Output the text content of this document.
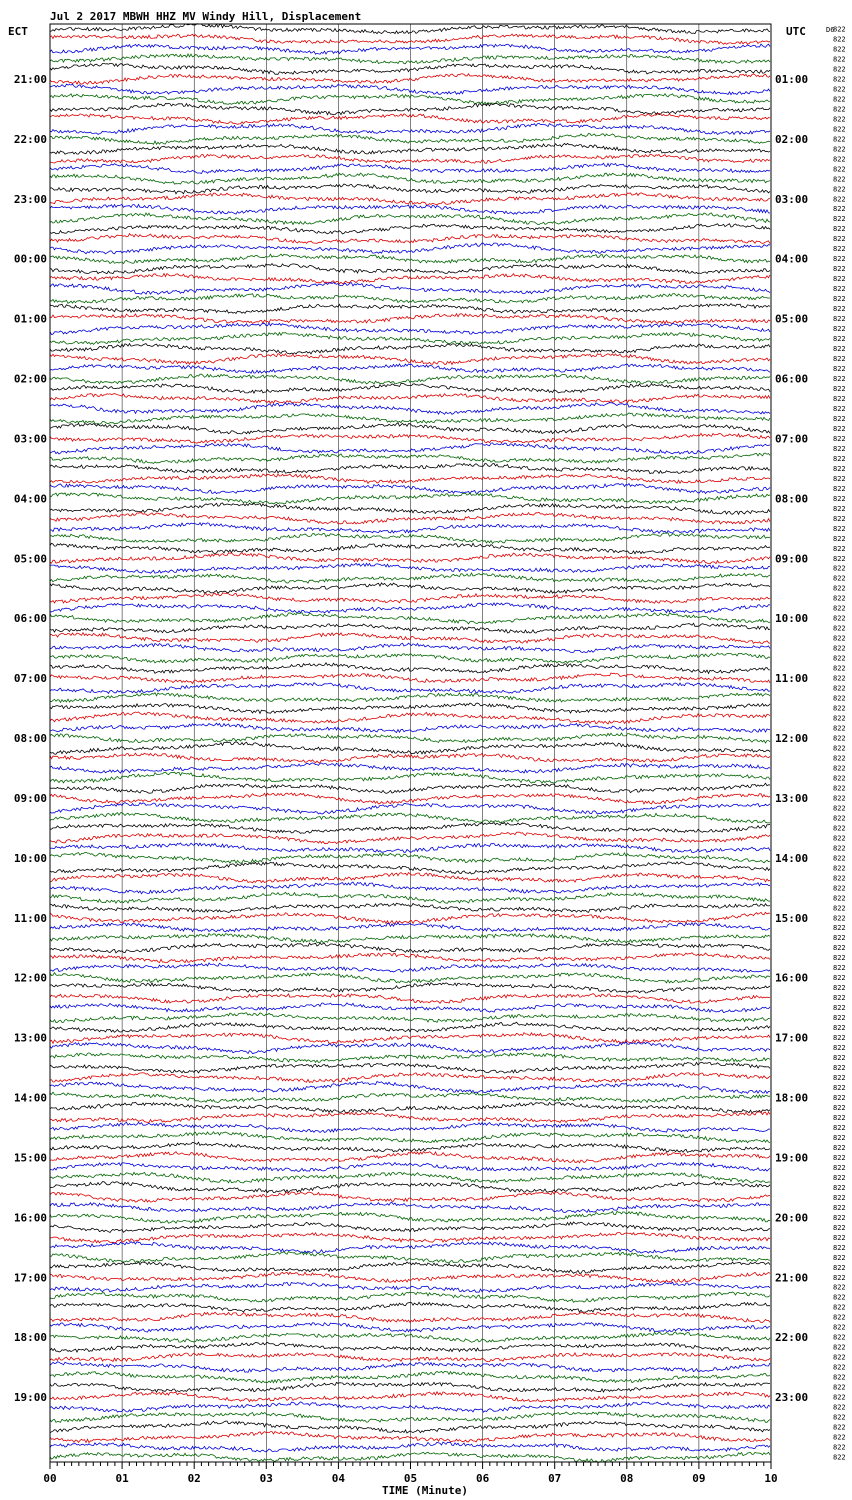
Jul 2 2017 MBWH HHZ MV Windy Hill, Displacement
ECT	UTC	D6
21:00
22:00
23:00
00:00
01:00
02:00
03:00
04:00
05:00
06:00
07:00
08:00
09:00
10:00
11:00
12:00
13:00
14:00
15:00
16:00
17:00
18:00
19:00
01:00
02:00
03:00
04:00
05:00
06:00
07:00
08:00
09:00
10:00
11:00
12:00
13:00
14:00
15:00
16:00
17:00
18:00
19:00
20:00
21:00
22:00
23:00
822
822
822
822
822
822
822
822
822
822
822
822
822
822
822
822
822
822
822
822
822
822
822
822
822
822
822
822
822
822
822
822
822
822
822
822
822
822
822
822
822
822
822
822
822
822
822
822
822
822
822
822
822
822
822
822
822
822
822
822
822
822
822
822
822
822
822
822
822
822
822
822
822
822
822
822
822
822
822
822
822
822
822
822
822
822
822
822
822
822
822
822
822
822
822
822
822
822
822
822
822
822
822
822
822
822
822
822
822
822
822
822
822
822
822
822
822
822
822
822
822
822
822
822
822
822
822
822
822
822
822
822
822
822
822
822
822
822
822
822
822
822
822
822
00	01	02	03	04	05	06	07	08	09	10
TIME (Minute)
